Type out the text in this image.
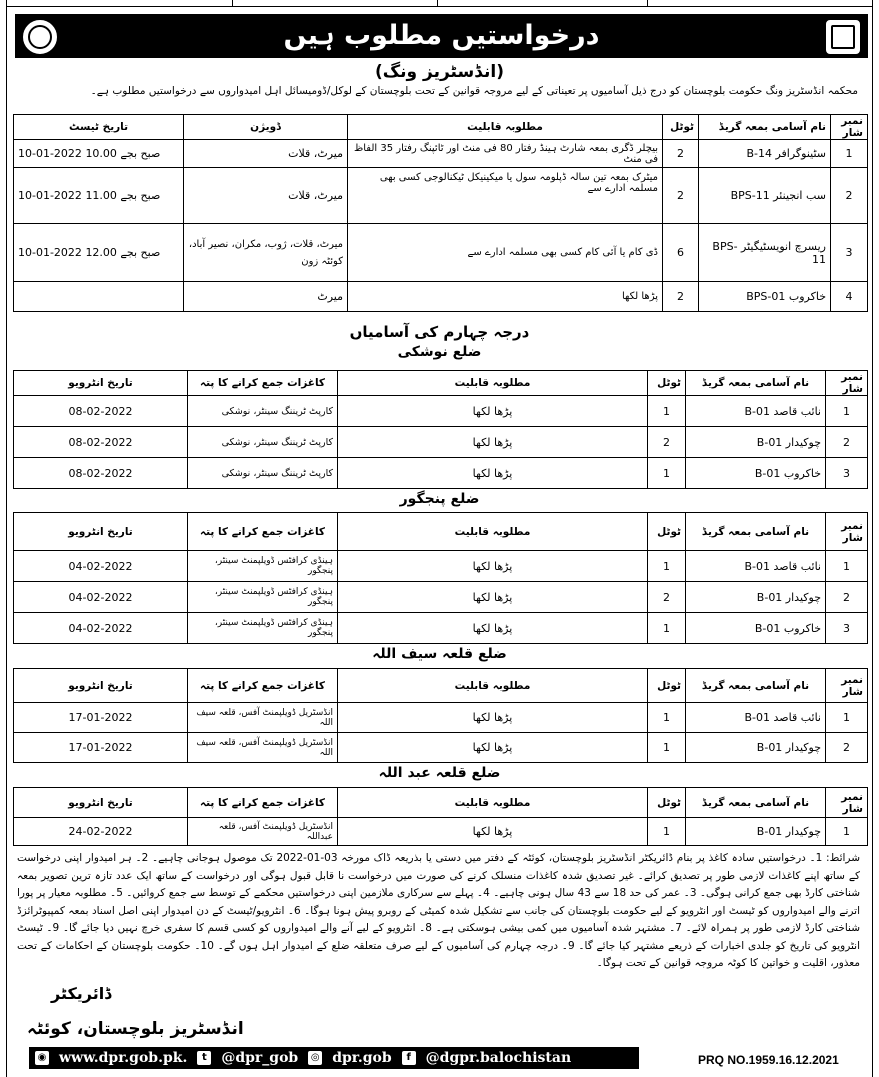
درخواستیں مطلوب ہیں
(انڈسٹریز ونگ)
محکمہ انڈسٹریز ونگ حکومت بلوچستان کو درج ذیل آسامیوں پر تعیناتی کے لیے مروجہ قوانین کے تحت بلوچستان کے لوکل/ڈومیسائل اہل امیدواروں سے درخواستیں مطلوب ہے۔
نمبر شار	نام آسامی بمعہ گریڈ	ٹوٹل	مطلوبہ قابلیت	ڈویژن	تاریخ ٹیسٹ
1	سٹینوگرافر B-14	2	بیچلر ڈگری بمعہ شارٹ ہینڈ رفتار 80 فی منٹ اور ٹائپنگ رفتار 35 الفاظ فی منٹ	میرٹ، قلات	10-01-2022 صبح بجے 10.00
2	سب انجینئر BPS-11	2	میٹرک بمعہ تین سالہ ڈپلومہ سول یا میکینیکل ٹیکنالوجی کسی بھی مسلمہ ادارے سے	میرٹ، قلات	10-01-2022 صبح بجے 11.00
3	ریسرچ انویسٹیگیٹر BPS-11	6	ڈی کام یا آئی کام کسی بھی مسلمہ ادارے سے	میرٹ، قلات، ژوب، مکران، نصیر آباد، کوئٹہ زون	10-01-2022 صبح بجے 12.00
4	خاکروب BPS-01	2	پڑھا لکھا	میرٹ	
درجہ چہارم کی آسامیاں
ضلع نوشکی
نمبر شار	نام آسامی بمعہ گریڈ	ٹوٹل	مطلوبہ قابلیت	کاغزات جمع کرانے کا پتہ	تاریخ انٹرویو
1	نائب قاصد B-01	1	پڑھا لکھا	کارپٹ ٹریننگ سینٹر، نوشکی	08-02-2022
2	چوکیدار B-01	2	پڑھا لکھا	کارپٹ ٹریننگ سینٹر، نوشکی	08-02-2022
3	خاکروب B-01	1	پڑھا لکھا	کارپٹ ٹریننگ سینٹر، نوشکی	08-02-2022
ضلع پنجگور
نمبر شار	نام آسامی بمعہ گریڈ	ٹوٹل	مطلوبہ قابلیت	کاغزات جمع کرانے کا پتہ	تاریخ انٹرویو
1	نائب قاصد B-01	1	پڑھا لکھا	ہینڈی کرافٹس ڈویلپمنٹ سینٹر، پنجگور	04-02-2022
2	چوکیدار B-01	2	پڑھا لکھا	ہینڈی کرافٹس ڈویلپمنٹ سینٹر، پنجگور	04-02-2022
3	خاکروب B-01	1	پڑھا لکھا	ہینڈی کرافٹس ڈویلپمنٹ سینٹر، پنجگور	04-02-2022
ضلع قلعہ سیف اللہ
نمبر شار	نام آسامی بمعہ گریڈ	ٹوٹل	مطلوبہ قابلیت	کاغزات جمع کرانے کا پتہ	تاریخ انٹرویو
1	نائب قاصد B-01	1	پڑھا لکھا	انڈسٹریل ڈویلپمنٹ آفس، قلعہ سیف اللہ	17-01-2022
2	چوکیدار B-01	1	پڑھا لکھا	انڈسٹریل ڈویلپمنٹ آفس، قلعہ سیف اللہ	17-01-2022
ضلع قلعہ عبد اللہ
نمبر شار	نام آسامی بمعہ گریڈ	ٹوٹل	مطلوبہ قابلیت	کاغزات جمع کرانے کا پتہ	تاریخ انٹرویو
1	چوکیدار B-01	1	پڑھا لکھا	انڈسٹریل ڈویلپمنٹ آفس، قلعہ عبداللہ	24-02-2022
شرائط: 1۔ درخواستیں سادہ کاغذ پر بنام ڈائریکٹر انڈسٹریز بلوچستان، کوئٹہ کے دفتر میں دستی یا بذریعہ ڈاک مورخہ 03-01-2022 تک موصول ہوجانی چاہیے۔ 2۔ ہر امیدوار اپنی درخواست کے ساتھ اپنے کاغذات لازمی طور پر تصدیق کرائے۔ غیر تصدیق شدہ کاغذات منسلک کرنے کی صورت میں درخواست نا قابل قبول ہوگی اور درخواست کے ساتھ ایک عدد تازہ ترین تصویر بمعہ شناختی کارڈ بھی جمع کرانی ہوگی۔ 3۔ عمر کی حد 18 سے 43 سال ہونی چاہیے۔ 4۔ پہلے سے سرکاری ملازمین اپنی درخواستیں محکمے کے توسط سے جمع کروائیں۔ 5۔ مطلوبہ معیار پر پورا اترنے والے امیدواروں کو ٹیسٹ اور انٹرویو کے لیے حکومت بلوچستان کی جانب سے تشکیل شدہ کمیٹی کے روبرو پیش ہونا ہوگا۔ 6۔ انٹرویو/ٹیسٹ کے دن امیدوار اپنی اصل اسناد بمعہ کمپیوٹرائزڈ شناختی کارڈ لازمی طور پر ہمراہ لائے۔ 7۔ مشتہر شدہ آسامیوں میں کمی بیشی ہوسکتی ہے۔ 8۔ انٹرویو کے لیے آنے والے امیدواروں کو کسی قسم کا سفری خرچ نہیں دیا جائے گا۔ 9۔ ٹیسٹ انٹرویو کی تاریخ کو جلدی اخبارات کے ذریعے مشتہر کیا جائے گا۔ 9۔ درجہ چہارم کی آسامیوں کے لیے صرف متعلقہ ضلع کے امیدوار اہل ہوں گے۔ 10۔ حکومت بلوچستان کے احکامات کے تحت معذور، اقلیت و خواتین کا کوٹہ مروجہ قوانین کے تحت ہوگا۔
ڈائریکٹر
انڈسٹریز بلوچستان، کوئٹہ
◉ www.dpr.gob.pk.	t	@dpr_gob ◎ dpr.gob	f	@dgpr.balochistan	PRQ NO.1959.16.12.2021
